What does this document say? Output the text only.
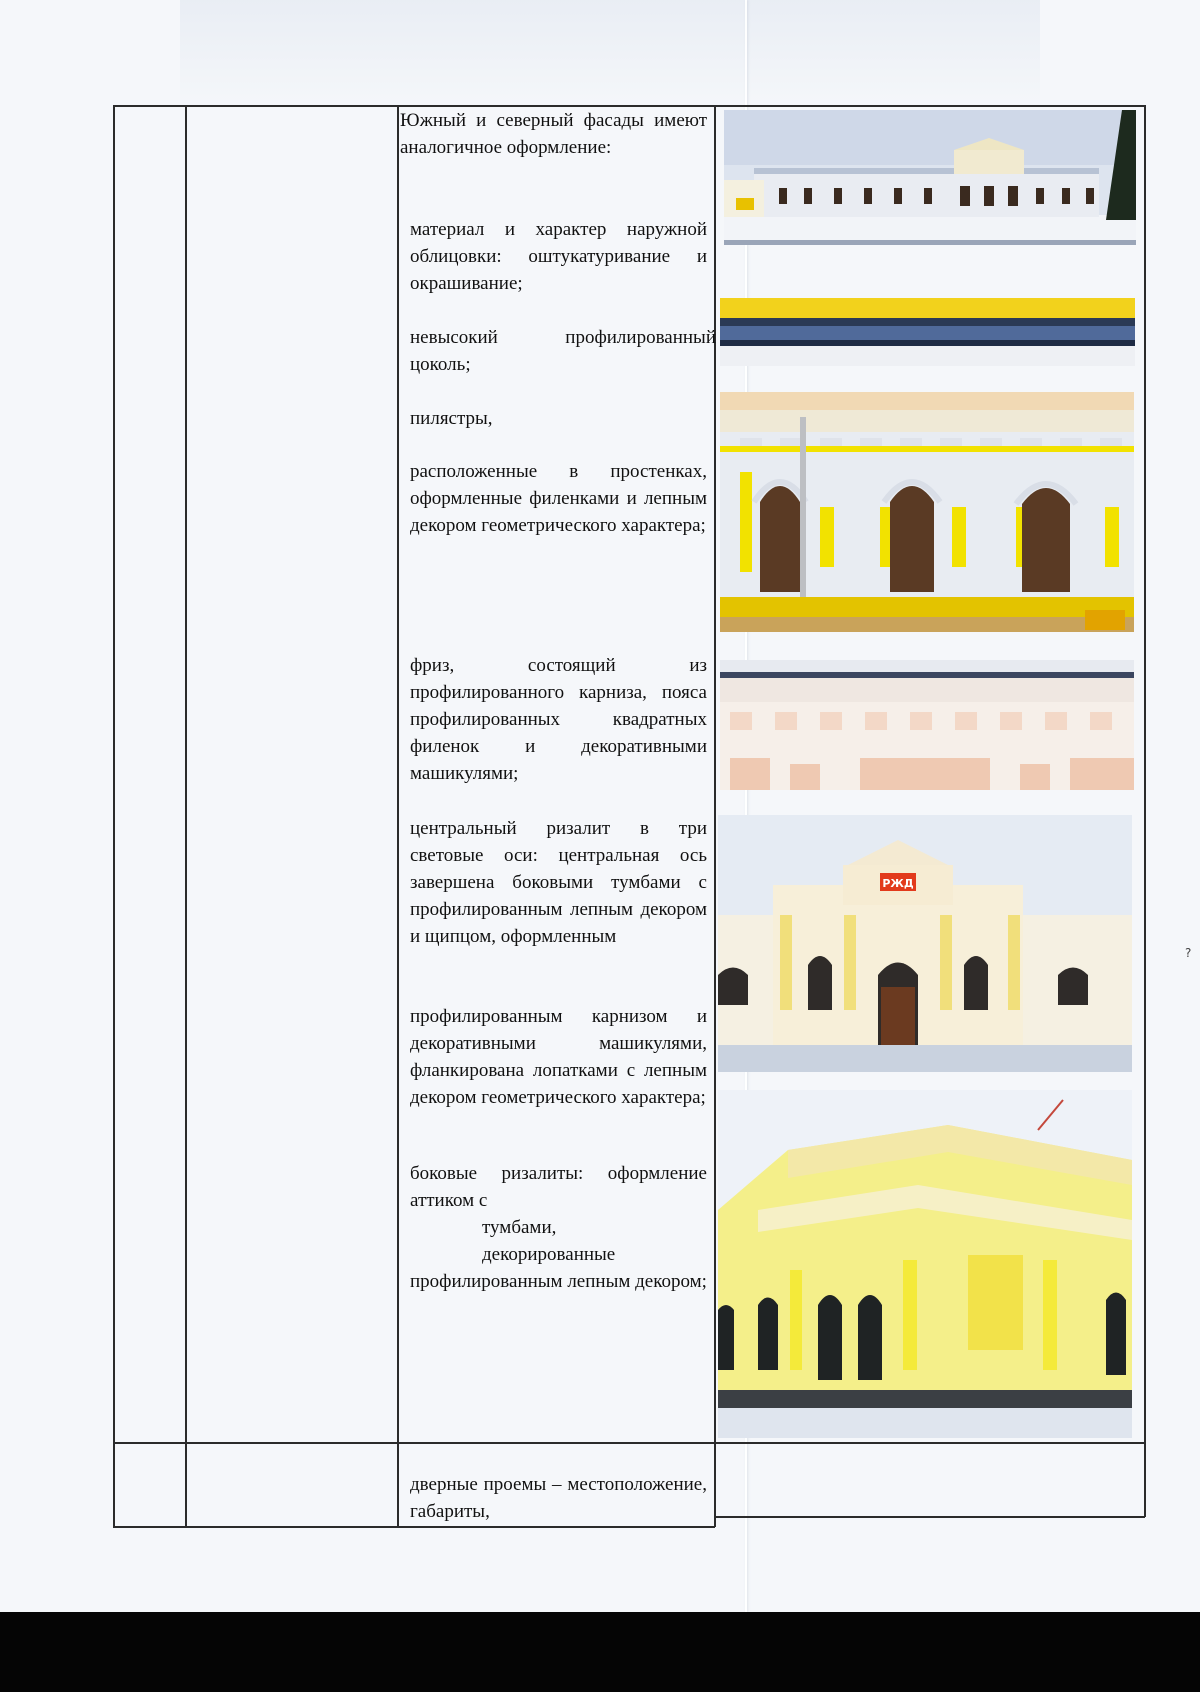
Южный и северный фасады имеют аналогичное оформление:

материал и характер наружной облицовки: оштукатуривание и окрашивание;

невысокий профилированный цоколь;

пилястры,

расположенные в простенках, оформленные филенками и лепным декором геометрического характера;

фриз, состоящий из профилированного карниза, пояса профилированных квадратных филенок и декоративными машикулями;

центральный ризалит в три световые оси: центральная ось завершена боковыми тумбами с профилированным лепным декором и щипцом, оформленным

профилированным карнизом и декоративными машикулями, фланкирована лопатками с лепным декором геометрического характера;

боковые ризалиты: оформление аттиком с

тумбами,

декорированные

профилированным лепным декором;

дверные проемы – местоположение, габариты,

РЖД
?
